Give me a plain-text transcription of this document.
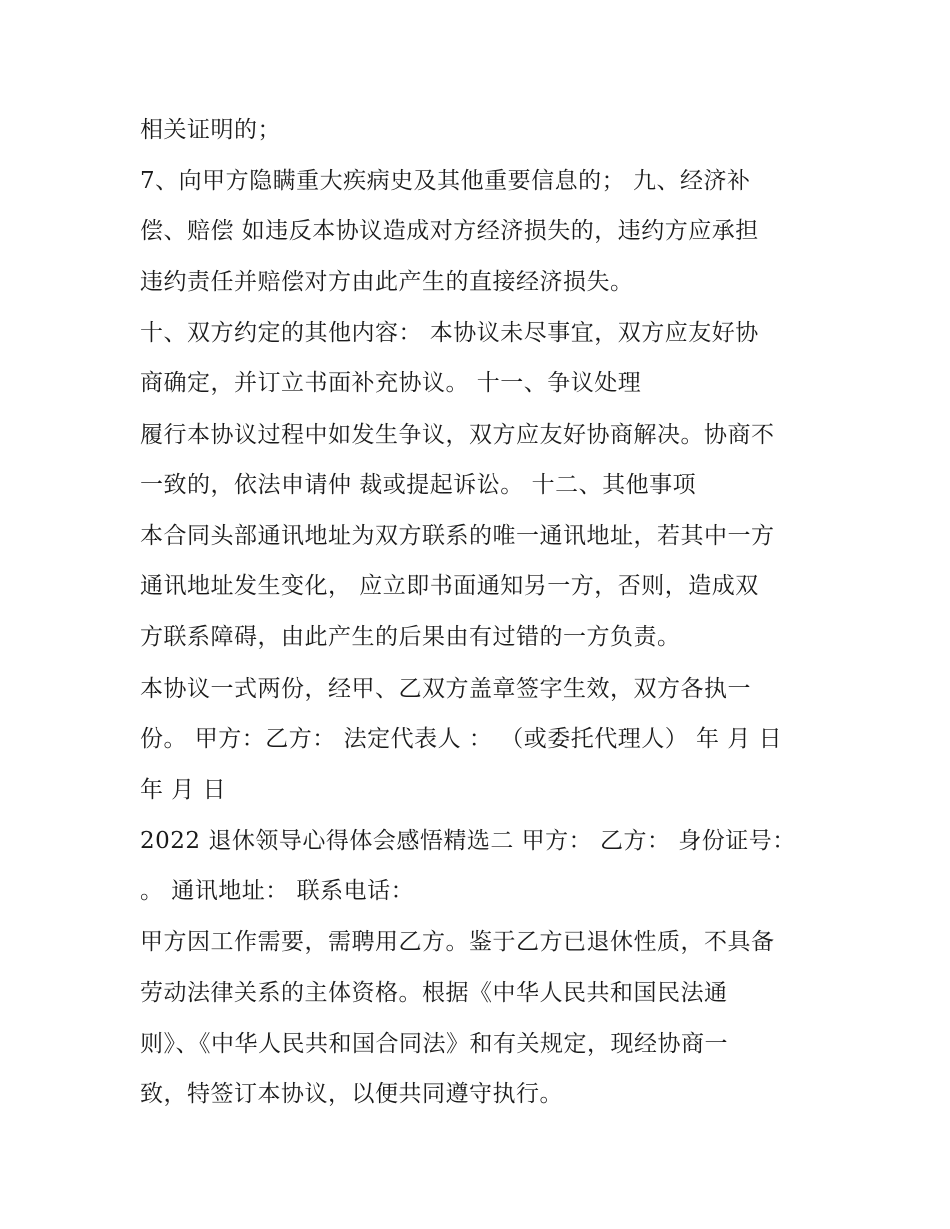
相关证明的；
7、向甲方隐瞒重大疾病史及其他重要信息的； 九、经济补
偿、赔偿 如违反本协议造成对方经济损失的，违约方应承担
违约责任并赔偿对方由此产生的直接经济损失。
十、双方约定的其他内容： 本协议未尽事宜，双方应友好协
商确定，并订立书面补充协议。 十一、争议处理
履行本协议过程中如发生争议，双方应友好协商解决。协商不
一致的，依法申请仲 裁或提起诉讼。 十二、其他事项
本合同头部通讯地址为双方联系的唯一通讯地址，若其中一方
通讯地址发生变化， 应立即书面通知另一方，否则，造成双
方联系障碍，由此产生的后果由有过错的一方负责。
本协议一式两份，经甲、乙双方盖章签字生效，双方各执一
份。 甲方：乙方： 法定代表人 ： （或委托代理人） 年 月 日
年 月 日
2022 退休领导心得体会感悟精选二 甲方： 乙方： 身份证号：
。 通讯地址： 联系电话：
甲方因工作需要，需聘用乙方。鉴于乙方已退休性质，不具备
劳动法律关系的主体资格。根据《中华人民共和国民法通
则》、《中华人民共和国合同法》和有关规定，现经协商一
致，特签订本协议，以便共同遵守执行。
